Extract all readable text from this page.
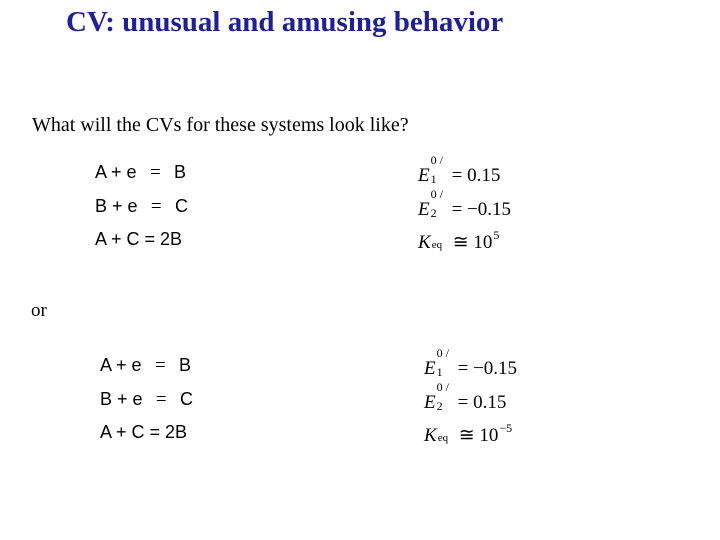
CV: unusual and amusing behavior
What will the CVs for these systems look like?
A + e = B
B + e = C
A + C = 2B
E
0 /
1 = 0.15
E
0 /
2 = −0.15
K eq ≅ $10^5$
or
A + e = B
B + e = C
A + C = 2B
E
0 /
1 = −0.15
E
0 /
2 = 0.15
K eq ≅ $10^{-5}$
